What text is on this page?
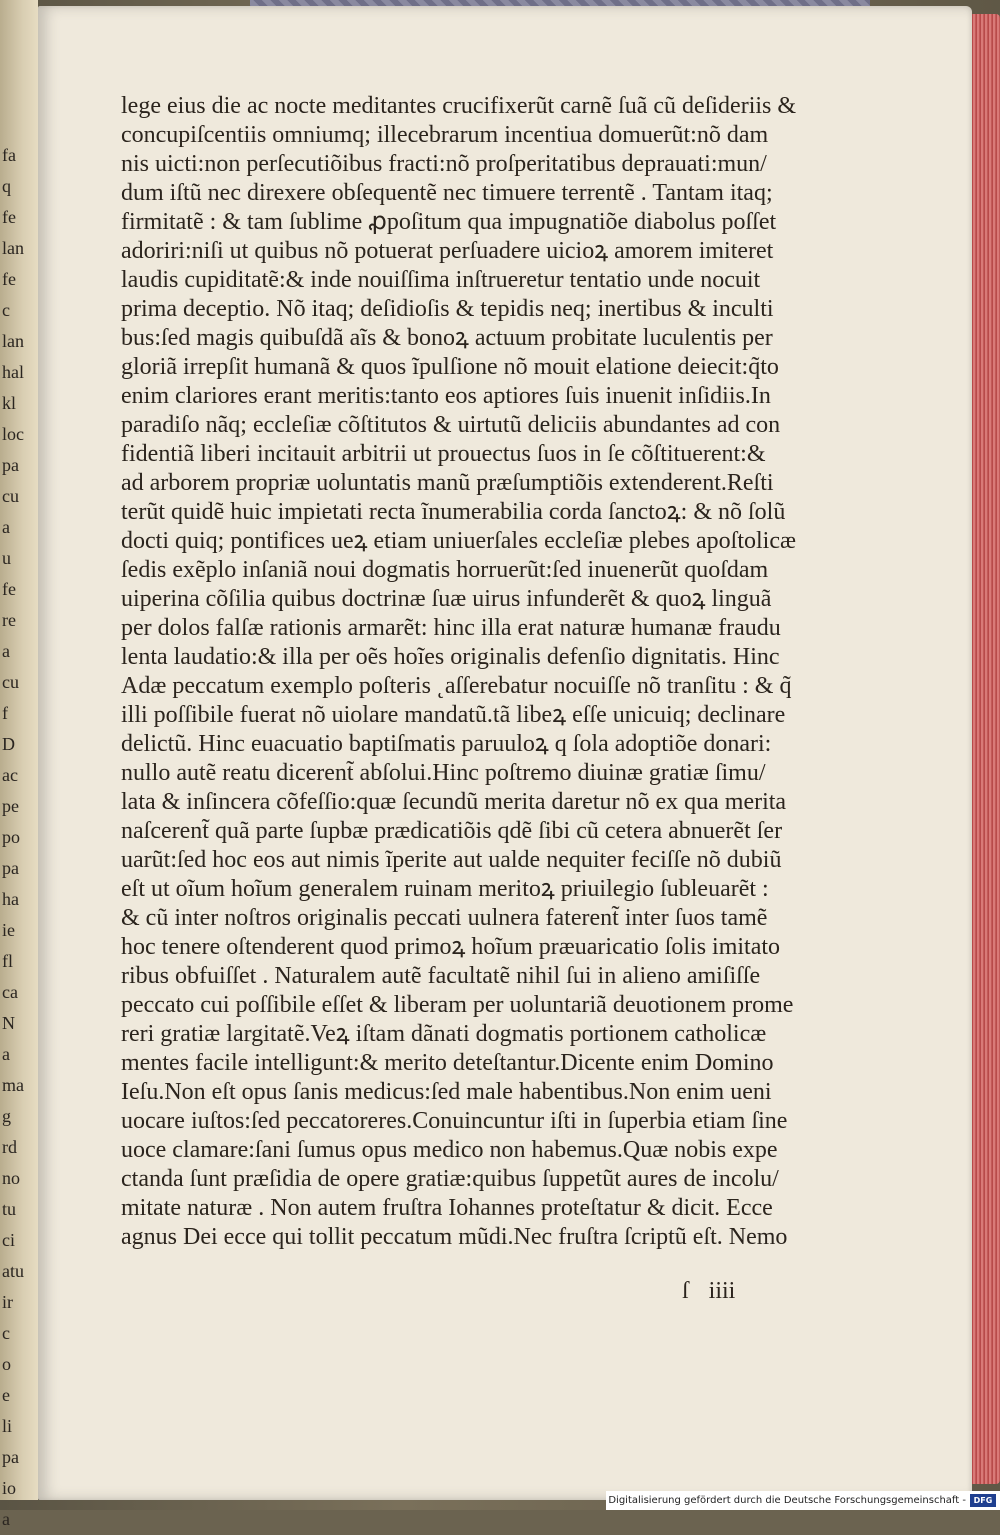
fa
q
fe
lan
fe
c
lan
hal
kl
loc
pa
cu
a
u
fe
re
a
cu
f
D
ac
pe
po
pa
ha
ie
fl
ca
N
a
ma
g
rd
no
tu
ci
atu
ir
c
o
e
li
pa
io
a
lege eius die ac nocte meditantes crucifixerũt carnẽ ſuã cũ deſideriis &
concupiſcentiis omniumq; illecebrarum incentiua domuerũt:nõ dam
nis uicti:non perſecutiõibus fracti:nõ proſperitatibus deprauati:mun/
dum iſtũ nec direxere obſequentẽ nec timuere terrentẽ . Tantam itaq;
firmitatẽ : & tam ſublime ꝓpoſitum qua impugnatiõe diabolus poſſet
adoriri:niſi ut quibus nõ potuerat perſuadere uicioꝝ amorem imiteret
laudis cupiditatẽ:& inde nouiſſima inſtrueretur tentatio unde nocuit
prima deceptio. Nõ itaq; deſidioſis & tepidis neq; inertibus & inculti
bus:ſed magis quibuſdã aĩs & bonoꝝ actuum probitate luculentis per
gloriã irrepſit humanã & quos ĩpulſione nõ mouit elatione deiecit:q̃to
enim clariores erant meritis:tanto eos aptiores ſuis inuenit inſidiis.In
paradiſo nãq; eccleſiæ cõſtitutos & uirtutũ deliciis abundantes ad con
fidentiã liberi incitauit arbitrii ut prouectus ſuos in ſe cõſtituerent:&
ad arborem propriæ uoluntatis manũ præſumptiõis extenderent.Reſti
terũt quidẽ huic impietati recta ĩnumerabilia corda ſanctoꝝ: & nõ ſolũ
docti quiq; pontifices ueꝝ etiam uniuerſales eccleſiæ plebes apoſtolicæ
ſedis exẽplo inſaniã noui dogmatis horruerũt:ſed inuenerũt quoſdam
uiperina cõſilia quibus doctrinæ ſuæ uirus infunderẽt & quoꝝ linguã
per dolos falſæ rationis armarẽt: hinc illa erat naturæ humanæ fraudu
lenta laudatio:& illa per oẽs hoĩes originalis defenſio dignitatis. Hinc
Adæ peccatum exemplo poſteris ˛aſſerebatur nocuiſſe nõ tranſitu : & q̃
illi poſſibile fuerat nõ uiolare mandatũ.tã libeꝝ eſſe unicuiq; declinare
delictũ. Hinc euacuatio baptiſmatis paruuloꝝ q ſola adoptiõe donari:
nullo autẽ reatu dicerent̃ abſolui.Hinc poſtremo diuinæ gratiæ ſimu/
lata & inſincera cõfeſſio:quæ ſecundũ merita daretur nõ ex qua merita
naſcerent̃ quã parte ſupbæ prædicatiõis qdẽ ſibi cũ cetera abnuerẽt ſer
uarũt:ſed hoc eos aut nimis ĩperite aut ualde nequiter feciſſe nõ dubiũ
eſt ut oĩum hoĩum generalem ruinam meritoꝝ priuilegio ſubleuarẽt :
& cũ inter noſtros originalis peccati uulnera faterent̃ inter ſuos tamẽ
hoc tenere oſtenderent quod primoꝝ hoĩum præuaricatio ſolis imitato
ribus obfuiſſet . Naturalem autẽ facultatẽ nihil ſui in alieno amiſiſſe
peccato cui poſſibile eſſet & liberam per uoluntariã deuotionem prome
reri gratiæ largitatẽ.Veꝝ iſtam dãnati dogmatis portionem catholicæ
mentes facile intelligunt:& merito deteſtantur.Dicente enim Domino
Ieſu.Non eſt opus ſanis medicus:ſed male habentibus.Non enim ueni
uocare iuſtos:ſed peccatoreres.Conuincuntur iſti in ſuperbia etiam ſine
uoce clamare:ſani ſumus opus medico non habemus.Quæ nobis expe
ctanda ſunt præſidia de opere gratiæ:quibus ſuppetũt aures de incolu/
mitate naturæ . Non autem fruſtra Iohannes proteſtatur & dicit. Ecce
agnus Dei ecce qui tollit peccatum mũdi.Nec fruſtra ſcriptũ eſt. Nemo
ſ iiii
Digitalisierung gefördert durch die Deutsche Forschungsgemeinschaft - DFG
